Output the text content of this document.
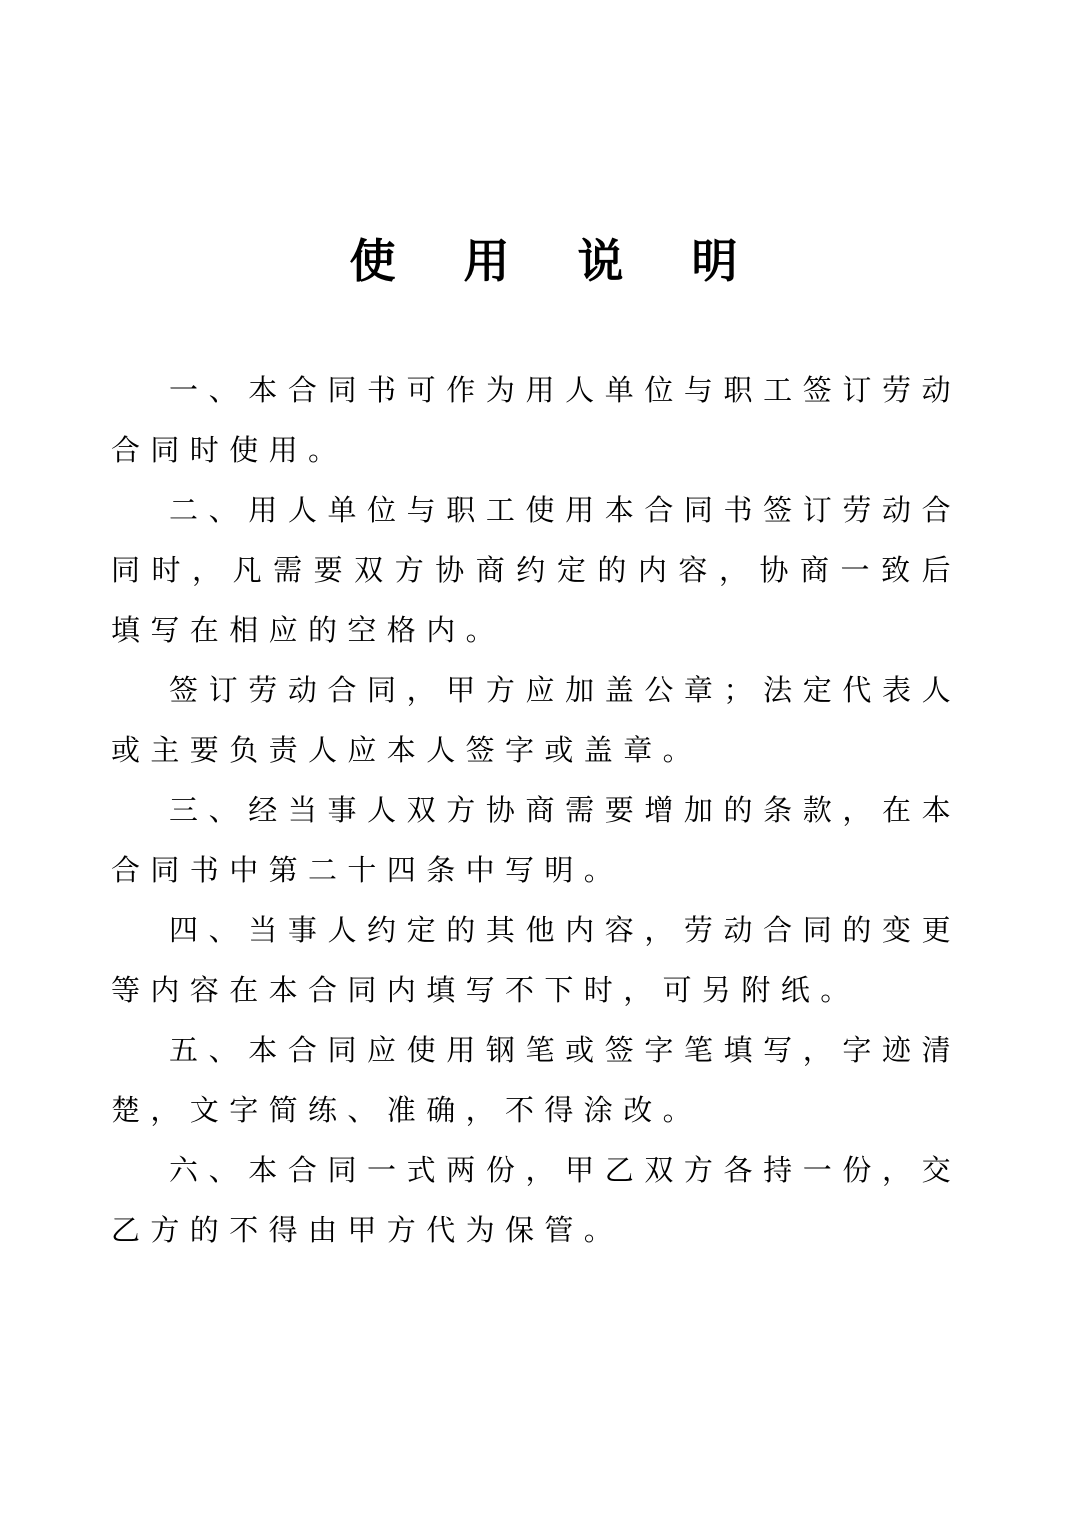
使用说明

一、本合同书可作为用人单位与职工签订劳动合同时使用。

二、用人单位与职工使用本合同书签订劳动合同时，凡需要双方协商约定的内容，协商一致后填写在相应的空格内。

签订劳动合同，甲方应加盖公章；法定代表人或主要负责人应本人签字或盖章。

三、经当事人双方协商需要增加的条款，在本合同书中第二十四条中写明。

四、当事人约定的其他内容，劳动合同的变更等内容在本合同内填写不下时，可另附纸。

五、本合同应使用钢笔或签字笔填写，字迹清楚，文字简练、准确，不得涂改。

六、本合同一式两份，甲乙双方各持一份，交乙方的不得由甲方代为保管。
